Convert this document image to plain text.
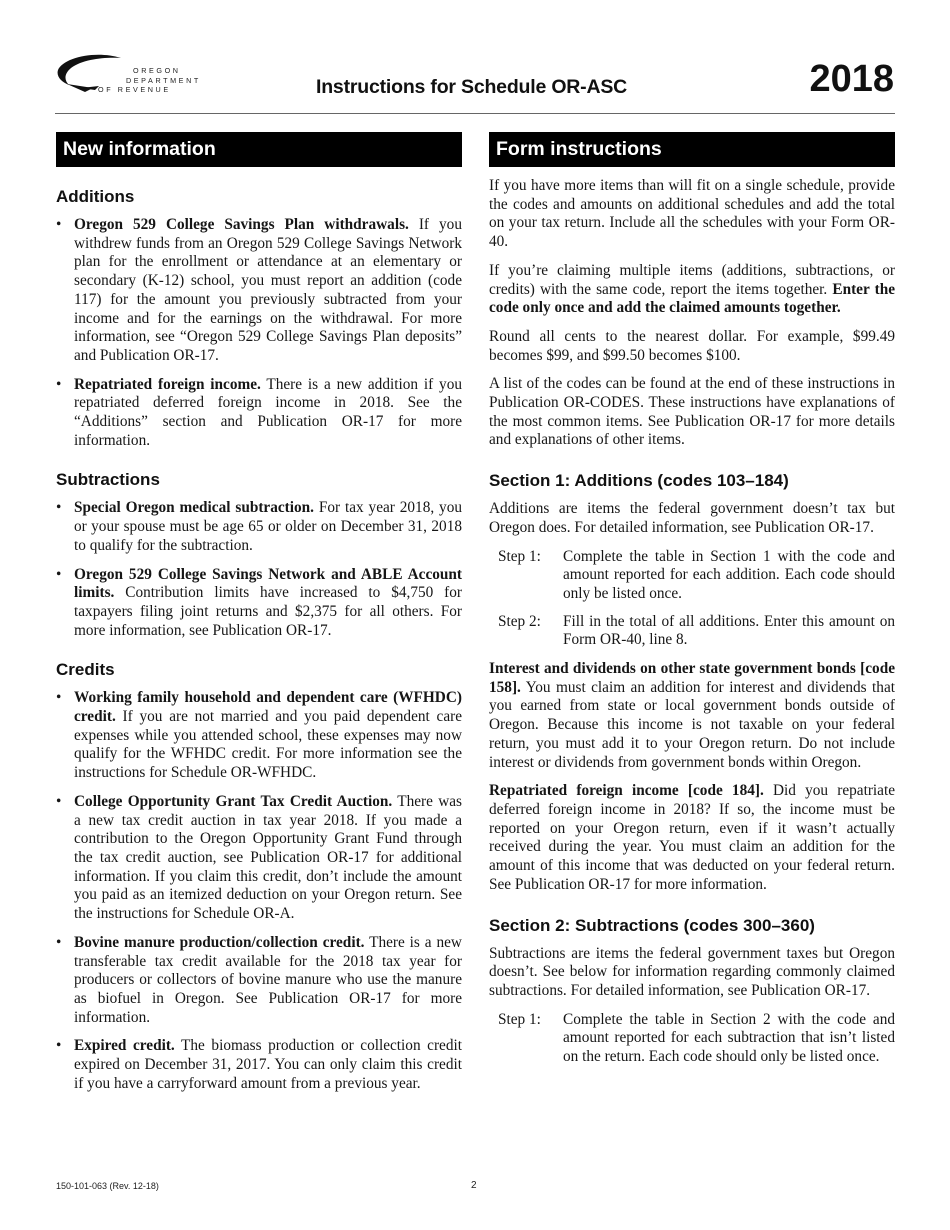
OREGON
DEPARTMENT
OF REVENUE	Instructions for Schedule OR-ASC	2018
New information
Additions
• Oregon 529 College Savings Plan withdrawals. If you withdrew funds from an Oregon 529 College Savings Network plan for the enrollment or attendance at an elementary or secondary (K-12) school, you must report an addition (code 117) for the amount you previously subtracted from your income and for the earnings on the withdrawal. For more information, see “Oregon 529 College Savings Plan deposits” and Publication OR-17.
• Repatriated foreign income. There is a new addition if you repatriated deferred foreign income in 2018. See the “Additions” section and Publication OR-17 for more information.
Subtractions
• Special Oregon medical subtraction. For tax year 2018, you or your spouse must be age 65 or older on December 31, 2018 to qualify for the subtraction.
• Oregon 529 College Savings Network and ABLE Account limits. Contribution limits have increased to $4,750 for taxpayers filing joint returns and $2,375 for all others. For more information, see Publication OR-17.
Credits
• Working family household and dependent care (WFHDC) credit. If you are not married and you paid dependent care expenses while you attended school, these expenses may now qualify for the WFHDC credit. For more information see the instructions for Schedule OR-WFHDC.
• College Opportunity Grant Tax Credit Auction. There was a new tax credit auction in tax year 2018. If you made a contribution to the Oregon Opportunity Grant Fund through the tax credit auction, see Publication OR-17 for additional information. If you claim this credit, don’t include the amount you paid as an itemized deduction on your Oregon return. See the instructions for Schedule OR-A.
• Bovine manure production/collection credit. There is a new transferable tax credit available for the 2018 tax year for producers or collectors of bovine manure who use the manure as biofuel in Oregon. See Publication OR-17 for more information.
• Expired credit. The biomass production or collection credit expired on December 31, 2017. You can only claim this credit if you have a carryforward amount from a previous year.
Form instructions

If you have more items than will fit on a single schedule, provide the codes and amounts on additional schedules and add the total on your tax return. Include all the schedules with your Form OR-40.

If you’re claiming multiple items (additions, subtractions, or credits) with the same code, report the items together. Enter the code only once and add the claimed amounts together.

Round all cents to the nearest dollar. For example, $99.49 becomes $99, and $99.50 becomes $100.

A list of the codes can be found at the end of these instructions in Publication OR-CODES. These instructions have explanations of the most common items. See Publication OR-17 for more details and explanations of other items.

Section 1: Additions (codes 103–184)

Additions are items the federal government doesn’t tax but Oregon does. For detailed information, see Publication OR-17.

Step 1:	Complete the table in Section 1 with the code and amount reported for each addition. Each code should only be listed once.
Step 2:	Fill in the total of all additions. Enter this amount on Form OR-40, line 8.

Interest and dividends on other state government bonds [code 158]. You must claim an addition for interest and dividends that you earned from state or local government bonds outside of Oregon. Because this income is not taxable on your federal return, you must add it to your Oregon return. Do not include interest or dividends from government bonds within Oregon.

Repatriated foreign income [code 184]. Did you repatriate deferred foreign income in 2018? If so, the income must be reported on your Oregon return, even if it wasn’t actually received during the year. You must claim an addition for the amount of this income that was deducted on your federal return. See Publication OR-17 for more information.

Section 2: Subtractions (codes 300–360)

Subtractions are items the federal government taxes but Oregon doesn’t. See below for information regarding commonly claimed subtractions. For detailed information, see Publication OR-17.

Step 1:	Complete the table in Section 2 with the code and amount reported for each subtraction that isn’t listed on the return. Each code should only be listed once.
150-101-063 (Rev. 12-18)	2
